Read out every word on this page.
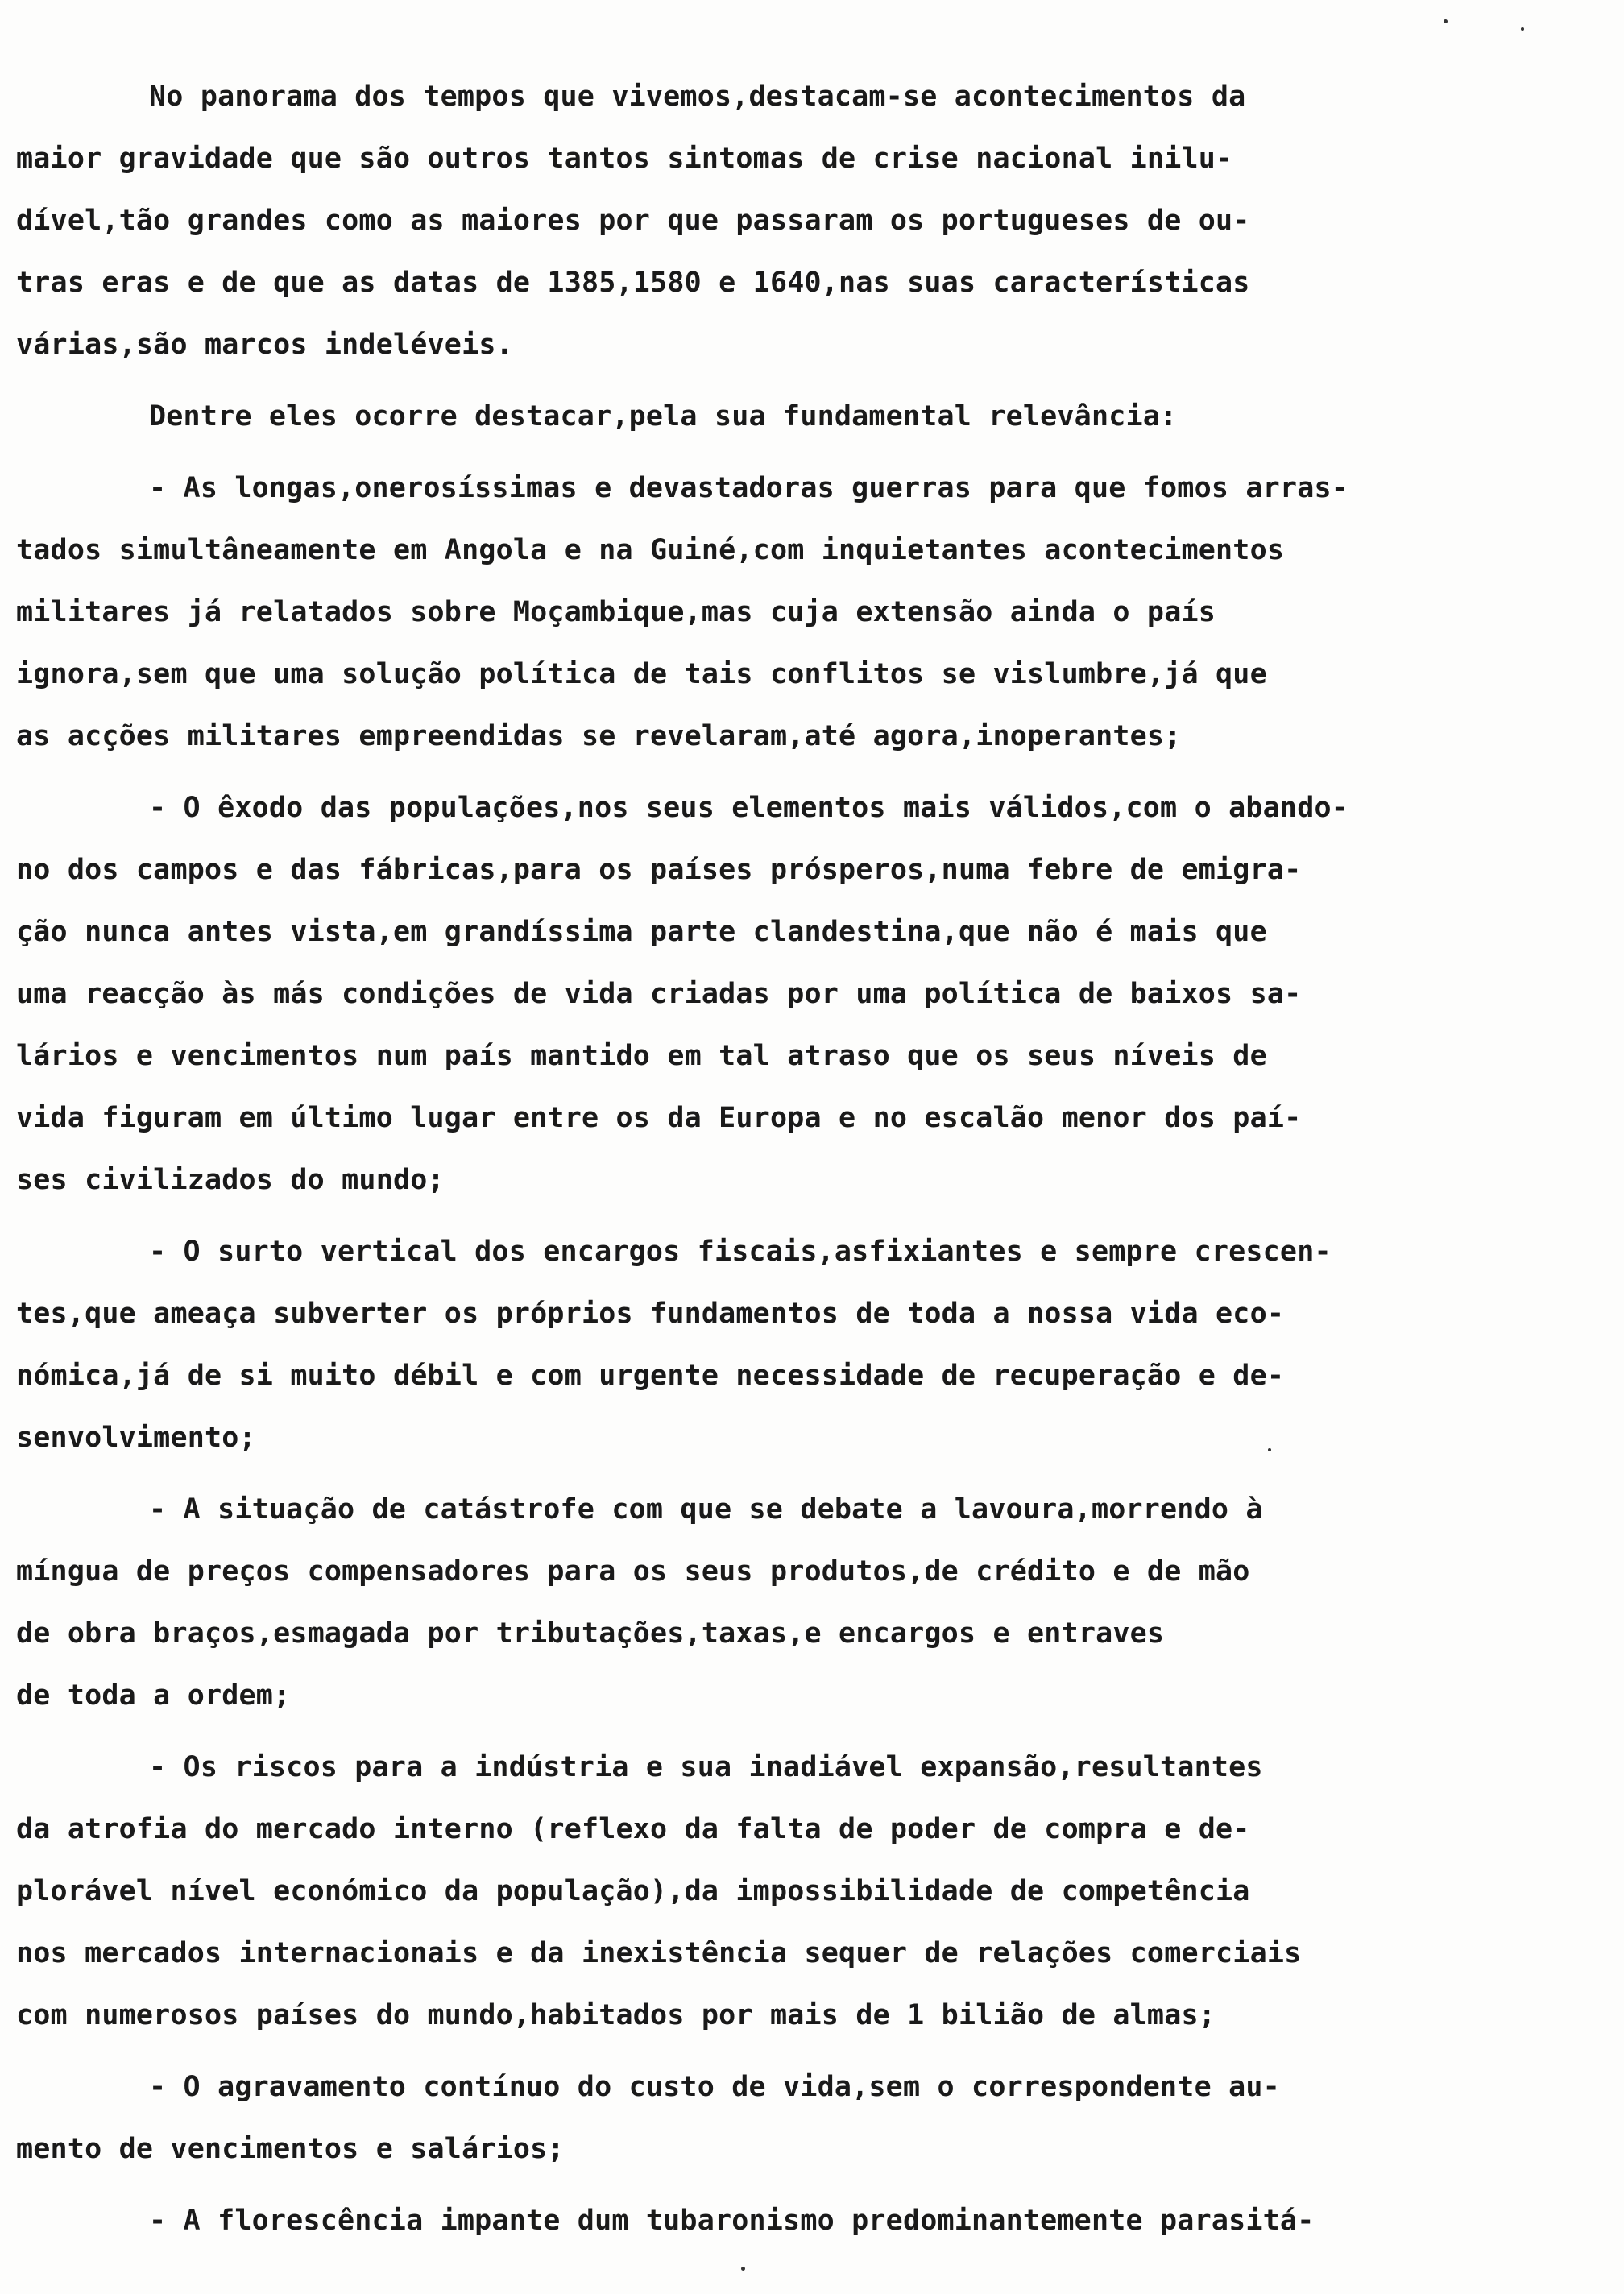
No panorama dos tempos que vivemos,destacam-se acontecimentos da
maior gravidade que são outros tantos sintomas de crise nacional inilu-
dível,tão grandes como as maiores por que passaram os portugueses de ou-
tras eras e de que as datas de 1385,1580 e 1640,nas suas características
várias,são marcos indeléveis.
Dentre eles ocorre destacar,pela sua fundamental relevância:
- As longas,onerosíssimas e devastadoras guerras para que fomos arras-
tados simultâneamente em Angola e na Guiné,com inquietantes acontecimentos
militares já relatados sobre Moçambique,mas cuja extensão ainda o país
ignora,sem que uma solução política de tais conflitos se vislumbre,já que
as acções militares empreendidas se revelaram,até agora,inoperantes;
- O êxodo das populações,nos seus elementos mais válidos,com o abando-
no dos campos e das fábricas,para os países prósperos,numa febre de emigra-
ção nunca antes vista,em grandíssima parte clandestina,que não é mais que
uma reacção às más condições de vida criadas por uma política de baixos sa-
lários e vencimentos num país mantido em tal atraso que os seus níveis de
vida figuram em último lugar entre os da Europa e no escalão menor dos paí-
ses civilizados do mundo;
- O surto vertical dos encargos fiscais,asfixiantes e sempre crescen-
tes,que ameaça subverter os próprios fundamentos de toda a nossa vida eco-
nómica,já de si muito débil e com urgente necessidade de recuperação e de-
senvolvimento;
- A situação de catástrofe com que se debate a lavoura,morrendo à
míngua de preços compensadores para os seus produtos,de crédito e de mão
de obra braços,esmagada por tributações,taxas,e encargos e entraves
de toda a ordem;
- Os riscos para a indústria e sua inadiável expansão,resultantes
da atrofia do mercado interno (reflexo da falta de poder de compra e de-
plorável nível económico da população),da impossibilidade de competência
nos mercados internacionais e da inexistência sequer de relações comerciais
com numerosos países do mundo,habitados por mais de 1 bilião de almas;
- O agravamento contínuo do custo de vida,sem o correspondente au-
mento de vencimentos e salários;
- A florescência impante dum tubaronismo predominantemente parasitá-
